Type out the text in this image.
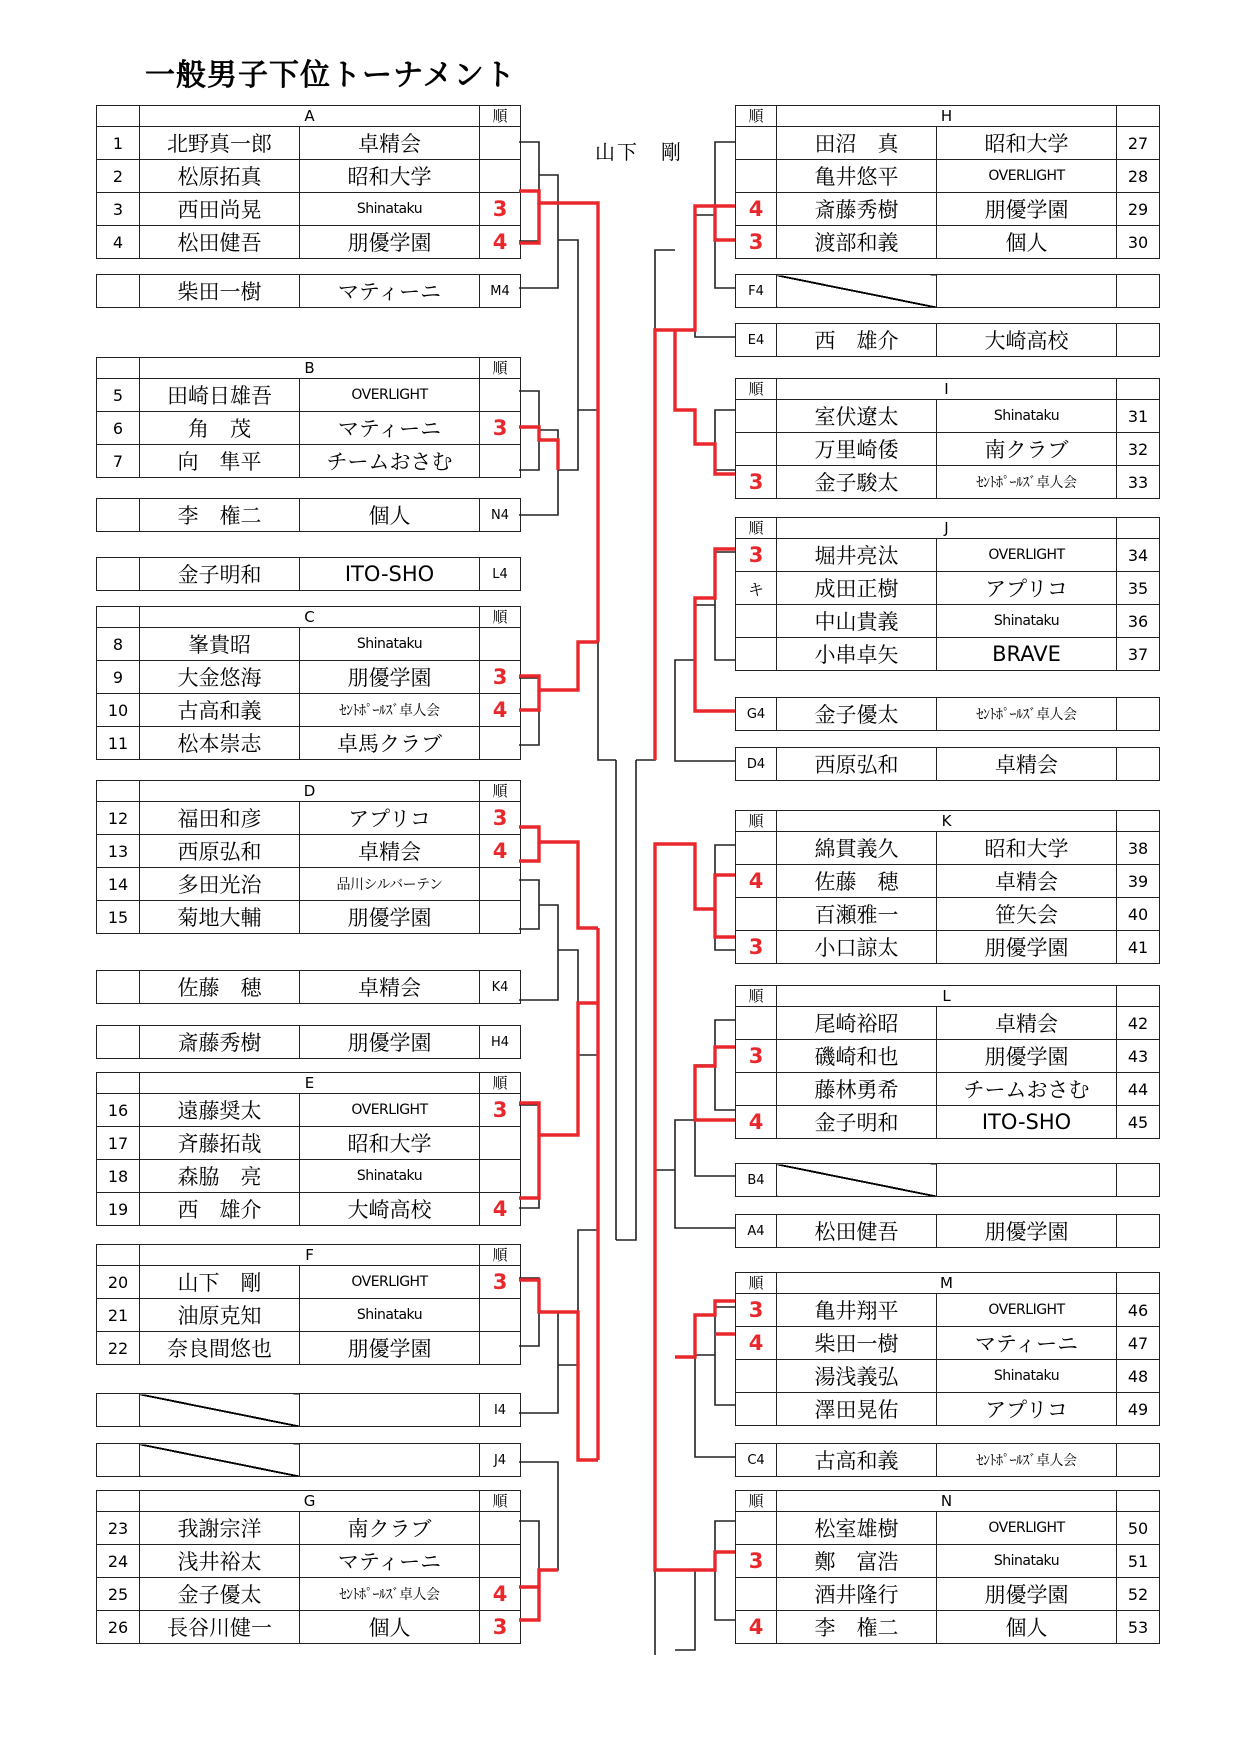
一般男子下位トーナメント
山下　剛
	A		順
1	北野真一郎	卓精会	
2	松原拓真	昭和大学	
3	西田尚晃	Shinataku	3
4	松田健吾	朋優学園	4
	B		順
5	田崎日雄吾	OVERLIGHT	
6	角　茂	マティーニ	3
7	向　隼平	チームおさむ	
	C		順
8	峯貴昭	Shinataku	
9	大金悠海	朋優学園	3
10	古高和義	ｾﾝﾄﾎﾟｰﾙｽﾞ卓人会	4
11	松本崇志	卓馬クラブ	
	D		順
12	福田和彦	アプリコ	3
13	西原弘和	卓精会	4
14	多田光治	品川シルバーテン	
15	菊地大輔	朋優学園	
	E		順
16	遠藤奨太	OVERLIGHT	3
17	斉藤拓哉	昭和大学	
18	森脇　亮	Shinataku	
19	西　雄介	大崎高校	4
	F		順
20	山下　剛	OVERLIGHT	3
21	油原克知	Shinataku	
22	奈良間悠也	朋優学園	
	G		順
23	我謝宗洋	南クラブ	
24	浅井裕太	マティーニ	
25	金子優太	ｾﾝﾄﾎﾟｰﾙｽﾞ卓人会	4
26	長谷川健一	個人	3
	柴田一樹	マティーニ	M4
	李　権二	個人	N4
	金子明和	ITO-SHO	L4
	佐藤　穂	卓精会	K4
	斎藤秀樹	朋優学園	H4
			I4
			J4
順	H		
	田沼　真	昭和大学	27
	亀井悠平	OVERLIGHT	28
4	斎藤秀樹	朋優学園	29
3	渡部和義	個人	30
順	I		
	室伏遼太	Shinataku	31
	万里崎倭	南クラブ	32
3	金子駿太	ｾﾝﾄﾎﾟｰﾙｽﾞ卓人会	33
順	J		
3	堀井亮汰	OVERLIGHT	34
キ	成田正樹	アプリコ	35
	中山貴義	Shinataku	36
	小串卓矢	BRAVE	37
順	K		
	綿貫義久	昭和大学	38
4	佐藤　穂	卓精会	39
	百瀬雅一	笹矢会	40
3	小口諒太	朋優学園	41
順	L		
	尾崎裕昭	卓精会	42
3	磯崎和也	朋優学園	43
	藤林勇希	チームおさむ	44
4	金子明和	ITO-SHO	45
順	M		
3	亀井翔平	OVERLIGHT	46
4	柴田一樹	マティーニ	47
	湯浅義弘	Shinataku	48
	澤田晃佑	アプリコ	49
順	N		
	松室雄樹	OVERLIGHT	50
3	鄭　富浩	Shinataku	51
	酒井隆行	朋優学園	52
4	李　権二	個人	53
F4			
E4	西　雄介	大崎高校	
G4	金子優太	ｾﾝﾄﾎﾟｰﾙｽﾞ卓人会	
D4	西原弘和	卓精会	
B4			
A4	松田健吾	朋優学園	
C4	古高和義	ｾﾝﾄﾎﾟｰﾙｽﾞ卓人会	
